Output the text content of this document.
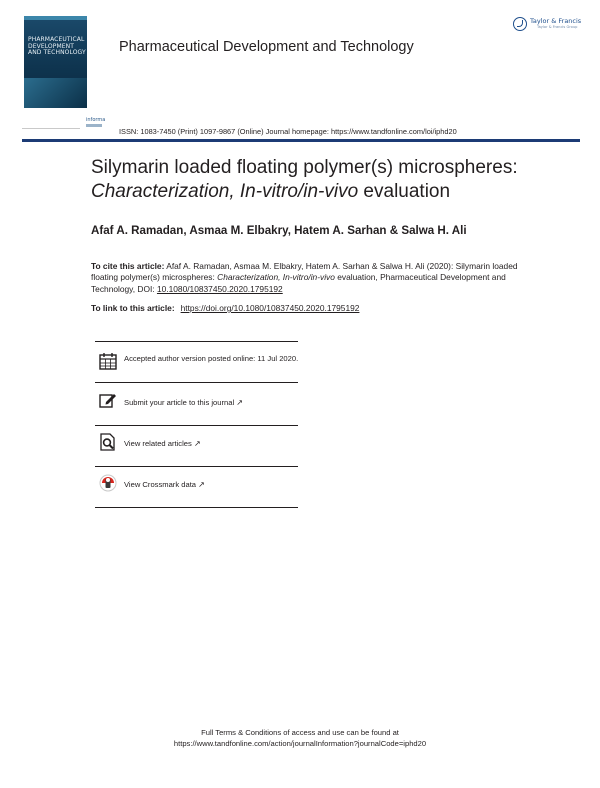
PHARMACEUTICAL
DEVELOPMENT
AND TECHNOLOGY
informa
Pharmaceutical Development and Technology
Taylor & Francis
Taylor & Francis Group
ISSN: 1083-7450 (Print) 1097-9867 (Online) Journal homepage: https://www.tandfonline.com/loi/iphd20
Silymarin loaded floating polymer(s) microspheres:
Characterization, In-vitro/in-vivo evaluation
Afaf A. Ramadan, Asmaa M. Elbakry, Hatem A. Sarhan & Salwa H. Ali
To cite this article: Afaf A. Ramadan, Asmaa M. Elbakry, Hatem A. Sarhan & Salwa H. Ali (2020): Silymarin loaded floating polymer(s) microspheres: Characterization, In-vitro/in-vivo evaluation, Pharmaceutical Development and Technology, DOI: 10.1080/10837450.2020.1795192
To link to this article: https://doi.org/10.1080/10837450.2020.1795192
Accepted author version posted online: 11 Jul 2020.
Submit your article to this journal ↗
View related articles ↗
View Crossmark data ↗
Full Terms & Conditions of access and use can be found at
https://www.tandfonline.com/action/journalInformation?journalCode=iphd20
